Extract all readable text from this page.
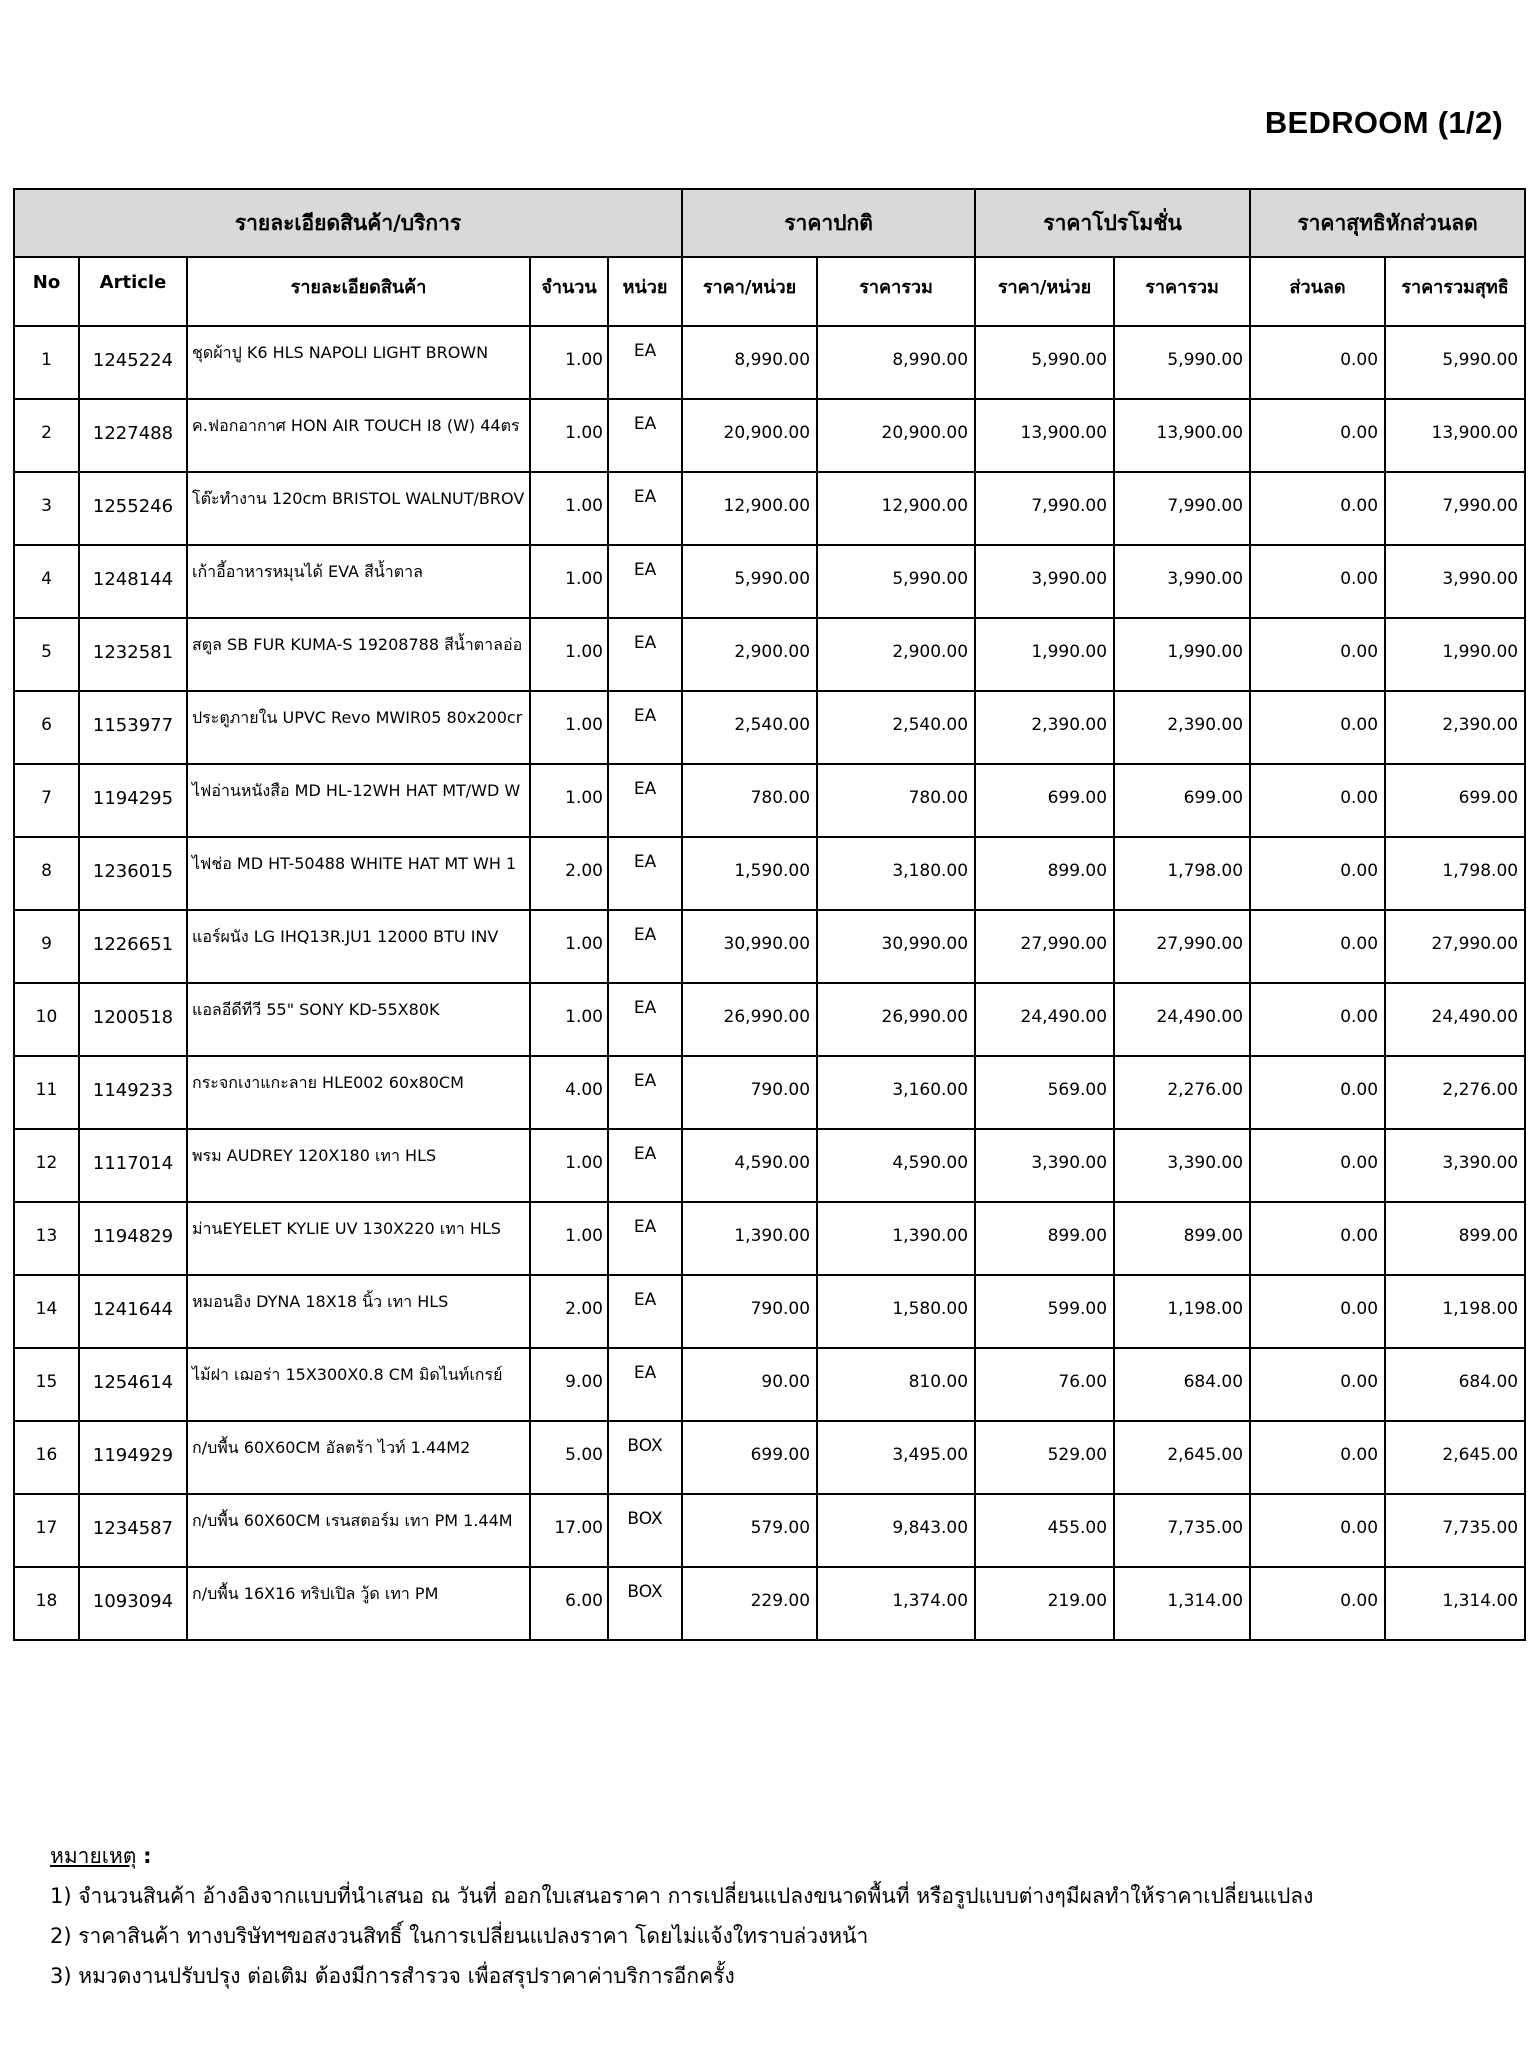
BEDROOM (1/2)
รายละเอียดสินค้า/บริการ					ราคาปกติ		ราคาโปรโมชั่น		ราคาสุทธิหักส่วนลด	
No	Article	รายละเอียดสินค้า	จำนวน	หน่วย	ราคา/หน่วย	ราคารวม	ราคา/หน่วย	ราคารวม	ส่วนลด	ราคารวมสุทธิ
1	1245224	ชุดผ้าปู K6 HLS NAPOLI LIGHT BROWN	1.00	EA	8,990.00	8,990.00	5,990.00	5,990.00	0.00	5,990.00
2	1227488	ค.ฟอกอากาศ HON AIR TOUCH I8 (W) 44ตร	1.00	EA	20,900.00	20,900.00	13,900.00	13,900.00	0.00	13,900.00
3	1255246	โต๊ะทำงาน 120cm BRISTOL WALNUT/BROV	1.00	EA	12,900.00	12,900.00	7,990.00	7,990.00	0.00	7,990.00
4	1248144	เก้าอี้อาหารหมุนได้ EVA สีน้ำตาล	1.00	EA	5,990.00	5,990.00	3,990.00	3,990.00	0.00	3,990.00
5	1232581	สตูล SB FUR KUMA-S 19208788 สีน้ำตาลอ่อ	1.00	EA	2,900.00	2,900.00	1,990.00	1,990.00	0.00	1,990.00
6	1153977	ประตูภายใน UPVC Revo MWIR05 80x200cr	1.00	EA	2,540.00	2,540.00	2,390.00	2,390.00	0.00	2,390.00
7	1194295	ไฟอ่านหนังสือ MD HL-12WH HAT MT/WD W	1.00	EA	780.00	780.00	699.00	699.00	0.00	699.00
8	1236015	ไฟช่อ MD HT-50488 WHITE HAT MT WH 1	2.00	EA	1,590.00	3,180.00	899.00	1,798.00	0.00	1,798.00
9	1226651	แอร์ผนัง LG IHQ13R.JU1 12000 BTU INV	1.00	EA	30,990.00	30,990.00	27,990.00	27,990.00	0.00	27,990.00
10	1200518	แอลอีดีทีวี 55" SONY KD-55X80K	1.00	EA	26,990.00	26,990.00	24,490.00	24,490.00	0.00	24,490.00
11	1149233	กระจกเงาแกะลาย HLE002 60x80CM	4.00	EA	790.00	3,160.00	569.00	2,276.00	0.00	2,276.00
12	1117014	พรม AUDREY 120X180 เทา HLS	1.00	EA	4,590.00	4,590.00	3,390.00	3,390.00	0.00	3,390.00
13	1194829	ม่านEYELET KYLIE UV 130X220 เทา HLS	1.00	EA	1,390.00	1,390.00	899.00	899.00	0.00	899.00
14	1241644	หมอนอิง DYNA 18X18 นิ้ว เทา HLS	2.00	EA	790.00	1,580.00	599.00	1,198.00	0.00	1,198.00
15	1254614	ไม้ฝา เฌอร่า 15X300X0.8 CM มิดไนท์เกรย์	9.00	EA	90.00	810.00	76.00	684.00	0.00	684.00
16	1194929	ก/บพื้น 60X60CM อัลตร้า ไวท์ 1.44M2	5.00	BOX	699.00	3,495.00	529.00	2,645.00	0.00	2,645.00
17	1234587	ก/บพื้น 60X60CM เรนสตอร์ม เทา PM 1.44M	17.00	BOX	579.00	9,843.00	455.00	7,735.00	0.00	7,735.00
18	1093094	ก/บพื้น 16X16 ทริปเปิล วู้ด เทา PM	6.00	BOX	229.00	1,374.00	219.00	1,314.00	0.00	1,314.00
หมายเหตุ :
1) จำนวนสินค้า อ้างอิงจากแบบที่นำเสนอ ณ วันที่ ออกใบเสนอราคา การเปลี่ยนแปลงขนาดพื้นที่ หรือรูปแบบต่างๆมีผลทำให้ราคาเปลี่ยนแปลง
2) ราคาสินค้า ทางบริษัทฯขอสงวนสิทธิ์ ในการเปลี่ยนแปลงราคา โดยไม่แจ้งใทราบล่วงหน้า
3) หมวดงานปรับปรุง ต่อเติม ต้องมีการสำรวจ เพื่อสรุปราคาค่าบริการอีกครั้ง
